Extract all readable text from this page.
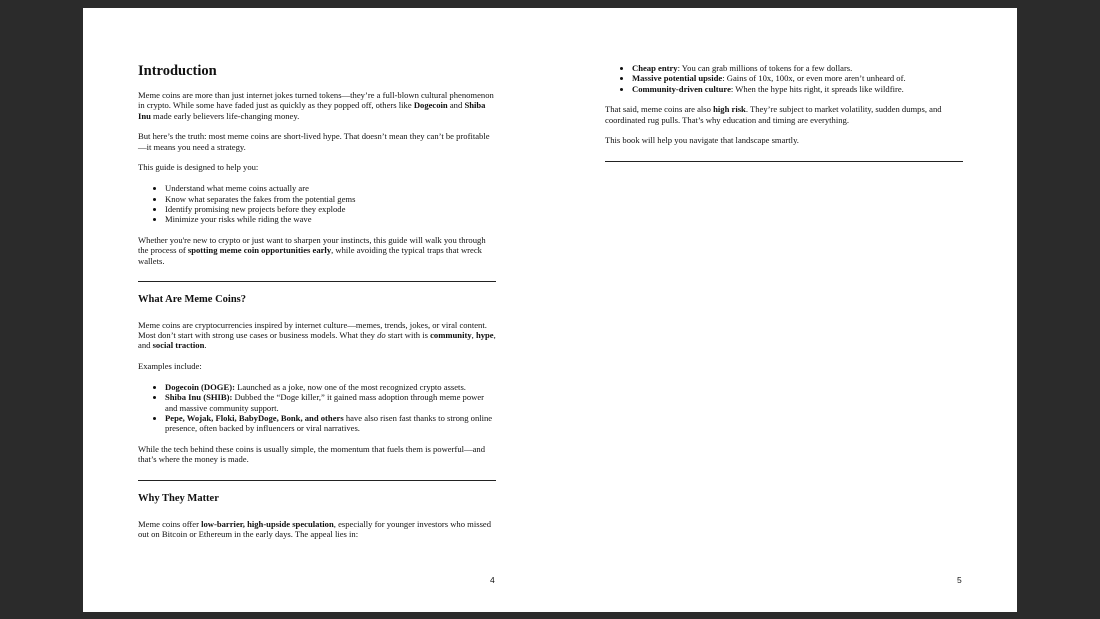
Introduction

Meme coins are more than just internet jokes turned tokens—they’re a full-blown cultural phenomenon in crypto. While some have faded just as quickly as they popped off, others like Dogecoin and Shiba Inu made early believers life-changing money.

But here’s the truth: most meme coins are short-lived hype. That doesn’t mean they can’t be profitable—it means you need a strategy.

This guide is designed to help you:

• Understand what meme coins actually are
• Know what separates the fakes from the potential gems
• Identify promising new projects before they explode
• Minimize your risks while riding the wave

Whether you're new to crypto or just want to sharpen your instincts, this guide will walk you through the process of spotting meme coin opportunities early, while avoiding the typical traps that wreck wallets.

What Are Meme Coins?

Meme coins are cryptocurrencies inspired by internet culture—memes, trends, jokes, or viral content. Most don’t start with strong use cases or business models. What they do start with is community, hype, and social traction.

Examples include:

• Dogecoin (DOGE): Launched as a joke, now one of the most recognized crypto assets.
• Shiba Inu (SHIB): Dubbed the “Doge killer,” it gained mass adoption through meme power and massive community support.
• Pepe, Wojak, Floki, BabyDoge, Bonk, and others have also risen fast thanks to strong online presence, often backed by influencers or viral narratives.

While the tech behind these coins is usually simple, the momentum that fuels them is powerful—and that’s where the money is made.

Why They Matter

Meme coins offer low-barrier, high-upside speculation, especially for younger investors who missed out on Bitcoin or Ethereum in the early days. The appeal lies in:

4
• Cheap entry: You can grab millions of tokens for a few dollars.
• Massive potential upside: Gains of 10x, 100x, or even more aren’t unheard of.
• Community-driven culture: When the hype hits right, it spreads like wildfire.

That said, meme coins are also high risk. They’re subject to market volatility, sudden dumps, and coordinated rug pulls. That’s why education and timing are everything.

This book will help you navigate that landscape smartly.

5
